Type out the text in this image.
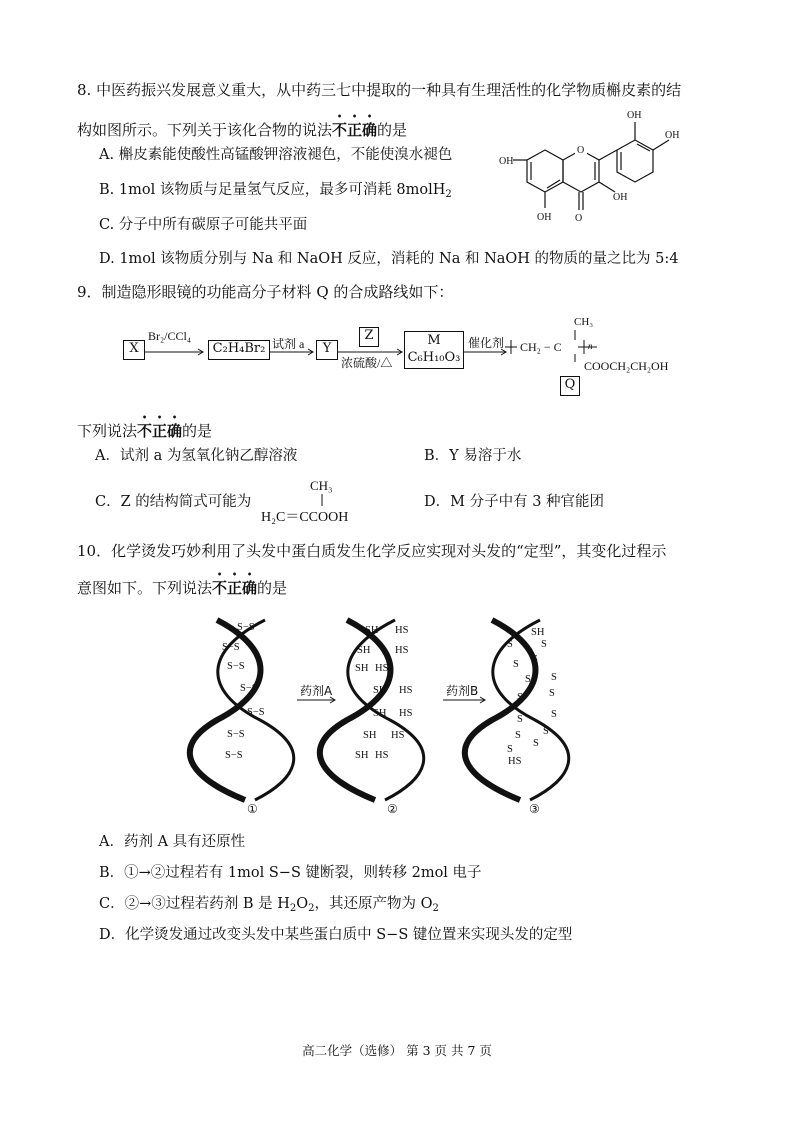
8. 中医药振兴发展意义重大，从中药三七中提取的一种具有生理活性的化学物质槲皮素的结
构如图所示。下列关于该化合物的说法不正确的是
A. 槲皮素能使酸性高锰酸钾溶液褪色，不能使溴水褪色
B. 1mol 该物质与足量氢气反应，最多可消耗 8molH$_2$
C. 分子中所有碳原子可能共平面
D. 1mol 该物质分别与 Na 和 NaOH 反应，消耗的 Na 和 NaOH 的物质的量之比为 5:4
O
O
OH
OH
OH
OH
OH
9．制造隐形眼镜的功能高分子材料 Q 的合成路线如下：
X
Br₂/CCl₄
C₂H₄Br₂ 试剂 a	Y
Z
浓硫酸/△
M
C₆H₁₀O₃
催化剂
CH₃
CH₂ − C	n
COOCH₂CH₂OH
Q
下列说法不正确的是
A．试剂 a 为氢氧化钠乙醇溶液	B．Y 易溶于水
C．Z 的结构简式可能为
CH₃
H₂C＝CCOOH
D．M 分子中有 3 种官能团
10．化学烫发巧妙利用了头发中蛋白质发生化学反应实现对头发的“定型”，其变化过程示
意图如下。下列说法不正确的是
S−S
S−S
S−S
S−S
S−S
S−S
S−S
SH HS
SH HS
SH HS
SH HS
SH HS
SH HS
SH HS
SH
S	S
S S
S S
S S
S	S
S S
S
S
HS
药剂A	药剂B
①	②	③
A．药剂 A 具有还原性
B．①→②过程若有 1mol S−S 键断裂，则转移 2mol 电子
C．②→③过程若药剂 B 是 $H_2O_2$，其还原产物为 $O_2$
D．化学烫发通过改变头发中某些蛋白质中 S−S 键位置来实现头发的定型
高二化学（选修） 第 3 页 共 7 页
